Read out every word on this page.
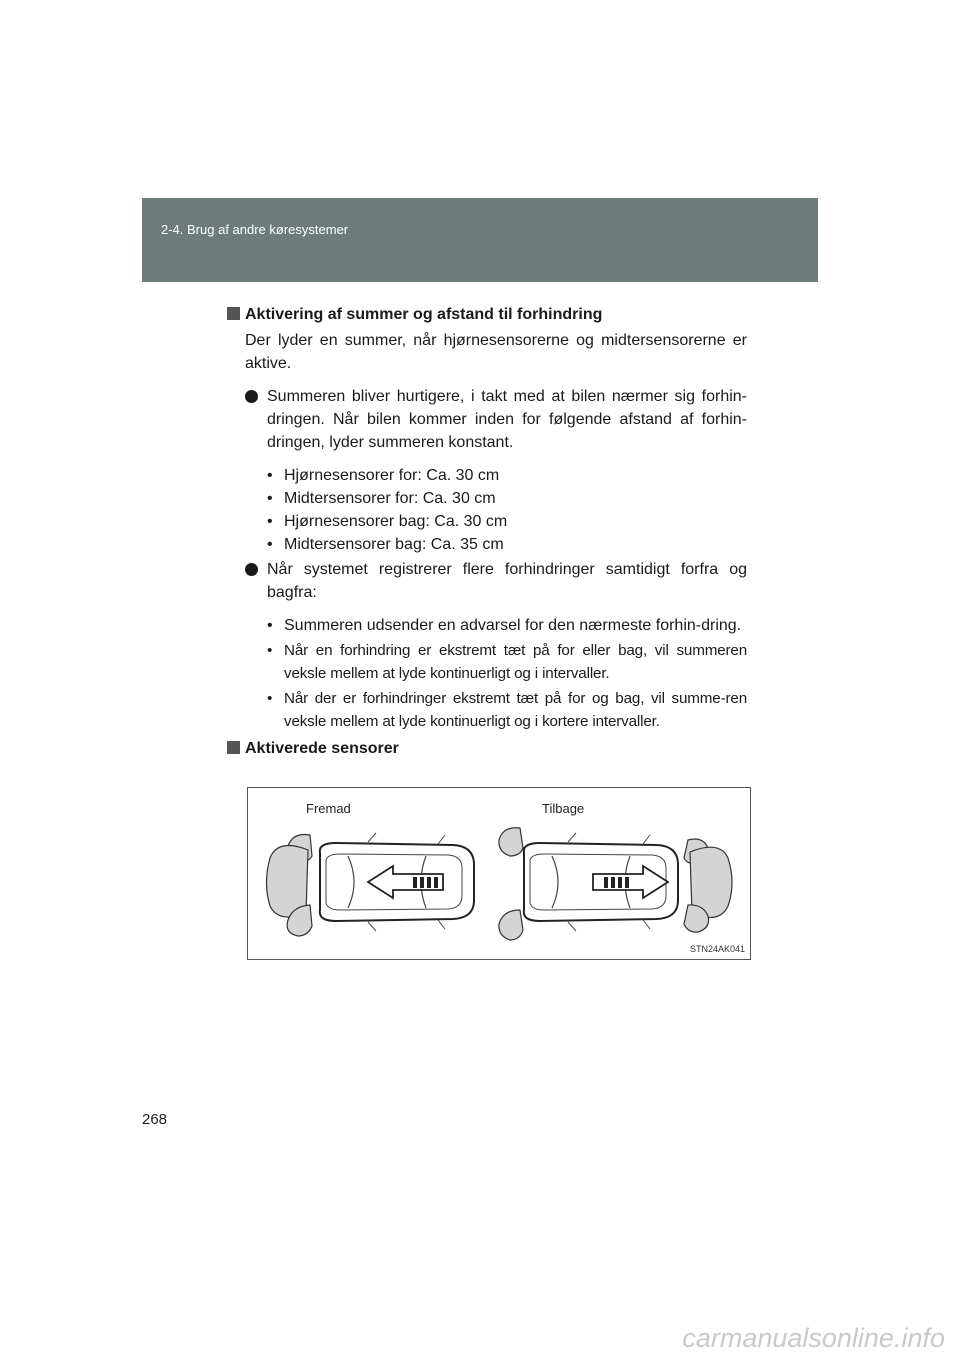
2-4. Brug af andre køresystemer
Aktivering af summer og afstand til forhindring
Der lyder en summer, når hjørnesensorerne og midtersensorerne er aktive.
Summeren bliver hurtigere, i takt med at bilen nærmer sig forhin-dringen. Når bilen kommer inden for følgende afstand af forhin-dringen, lyder summeren konstant.
• Hjørnesensorer for: Ca. 30 cm
• Midtersensorer for: Ca. 30 cm
• Hjørnesensorer bag: Ca. 30 cm
• Midtersensorer bag: Ca. 35 cm
Når systemet registrerer flere forhindringer samtidigt forfra og bagfra:
• Summeren udsender en advarsel for den nærmeste forhin-dring.
• Når en forhindring er ekstremt tæt på for eller bag, vil summeren veksle mellem at lyde kontinuerligt og i intervaller.
• Når der er forhindringer ekstremt tæt på for og bag, vil summe-ren veksle mellem at lyde kontinuerligt og i kortere intervaller.
Aktiverede sensorer
Fremad	Tilbage
STN24AK041
268
carmanualsonline.info
